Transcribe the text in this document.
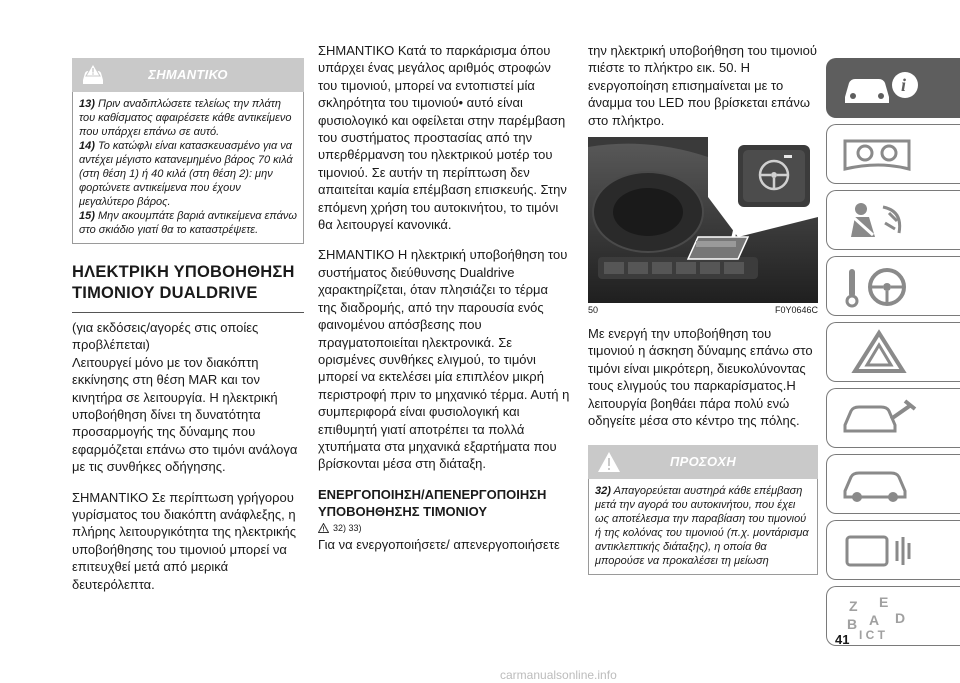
ΣΗΜΑΝΤΙΚΟ
13) Πριν αναδιπλώσετε τελείως την πλάτη του καθίσματος αφαιρέσετε κάθε αντικείμενο που υπάρχει επάνω σε αυτό.
14) Το κατώφλι είναι κατασκευασμένο για να αντέχει μέγιστο κατανεμημένο βάρος 70 κιλά (στη θέση 1) ή 40 κιλά (στη θέση 2): μην φορτώνετε αντικείμενα που έχουν μεγαλύτερο βάρος.
15) Μην ακουμπάτε βαριά αντικείμενα επάνω στο σκιάδιο γιατί θα το καταστρέψετε.
ΗΛΕΚΤΡΙΚΗ ΥΠΟΒΟΗΘΗΣΗ ΤΙΜΟΝΙΟΥ DUALDRIVE

(για εκδόσεις/αγορές στις οποίες προβλέπεται)
Λειτουργεί μόνο με τον διακόπτη εκκίνησης στη θέση MAR και τον κινητήρα σε λειτουργία. Η ηλεκτρική υποβοήθηση δίνει τη δυνατότητα προσαρμογής της δύναμης που εφαρμόζεται επάνω στο τιμόνι ανάλογα με τις συνθήκες οδήγησης.

ΣΗΜΑΝΤΙΚΟ Σε περίπτωση γρήγορου γυρίσματος του διακόπτη ανάφλεξης, η πλήρης λειτουργικότητα της ηλεκτρικής υποβοήθησης του τιμονιού μπορεί να επιτευχθεί μετά από μερικά δευτερόλεπτα.

ΣΗΜΑΝΤΙΚΟ Κατά το παρκάρισμα όπου υπάρχει ένας μεγάλος αριθμός στροφών του τιμονιού, μπορεί να εντοπιστεί μία σκληρότητα του τιμονιού• αυτό είναι φυσιολογικό και οφείλεται στην παρέμβαση του συστήματος προστασίας από την υπερθέρμανση του ηλεκτρικού μοτέρ του τιμονιού. Σε αυτήν τη περίπτωση δεν απαιτείται καμία επέμβαση επισκευής. Στην επόμενη χρήση του αυτοκινήτου, το τιμόνι θα λειτουργεί κανονικά.

ΣΗΜΑΝΤΙΚΟ Η ηλεκτρική υποβοήθηση του συστήματος διεύθυνσης Dualdrive χαρακτηρίζεται, όταν πλησιάζει το τέρμα της διαδρομής, από την παρουσία ενός φαινομένου απόσβεσης που πραγματοποιείται ηλεκτρονικά. Σε ορισμένες συνθήκες ελιγμού, το τιμόνι μπορεί να εκτελέσει μία επιπλέον μικρή περιστροφή πριν το μηχανικό τέρμα. Αυτή η συμπεριφορά είναι φυσιολογική και επιθυμητή γιατί αποτρέπει τα πολλά χτυπήματα στα μηχανικά εξαρτήματα που βρίσκονται μέσα στη διάταξη.

ΕΝΕΡΓΟΠΟΙΗΣΗ/ΑΠΕΝΕΡΓΟΠΟΙΗΣΗ ΥΠΟΒΟΗΘΗΣΗΣ ΤΙΜΟΝΙΟΥ
32) 33)

Για να ενεργοποιήσετε/ απενεργοποιήσετε

την ηλεκτρική υποβοήθηση του τιμονιού πιέστε το πλήκτρο εικ. 50. Η ενεργοποίηση επισημαίνεται με το άναμμα του LED που βρίσκεται επάνω στο πλήκτρο.

50	F0Y0646C

Με ενεργή την υποβοήθηση του τιμονιού η άσκηση δύναμης επάνω στο τιμόνι είναι μικρότερη, διευκολύνοντας τους ελιγμούς του παρκαρίσματος.Η λειτουργία βοηθάει πάρα πολύ ενώ οδηγείτε μέσα στο κέντρο της πόλης.

ΠΡΟΣΟΧΗ
32) Απαγορεύεται αυστηρά κάθε επέμβαση μετά την αγορά του αυτοκινήτου, που έχει ως αποτέλεσμα την παραβίαση του τιμονιού ή της κολόνας του τιμονιού (π.χ. μοντάρισμα αντικλεπτικής διάταξης), η οποία θα μπορούσε να προκαλέσει τη μείωση
i
Z E
B A D
I C T
41
carmanualsonline.info
